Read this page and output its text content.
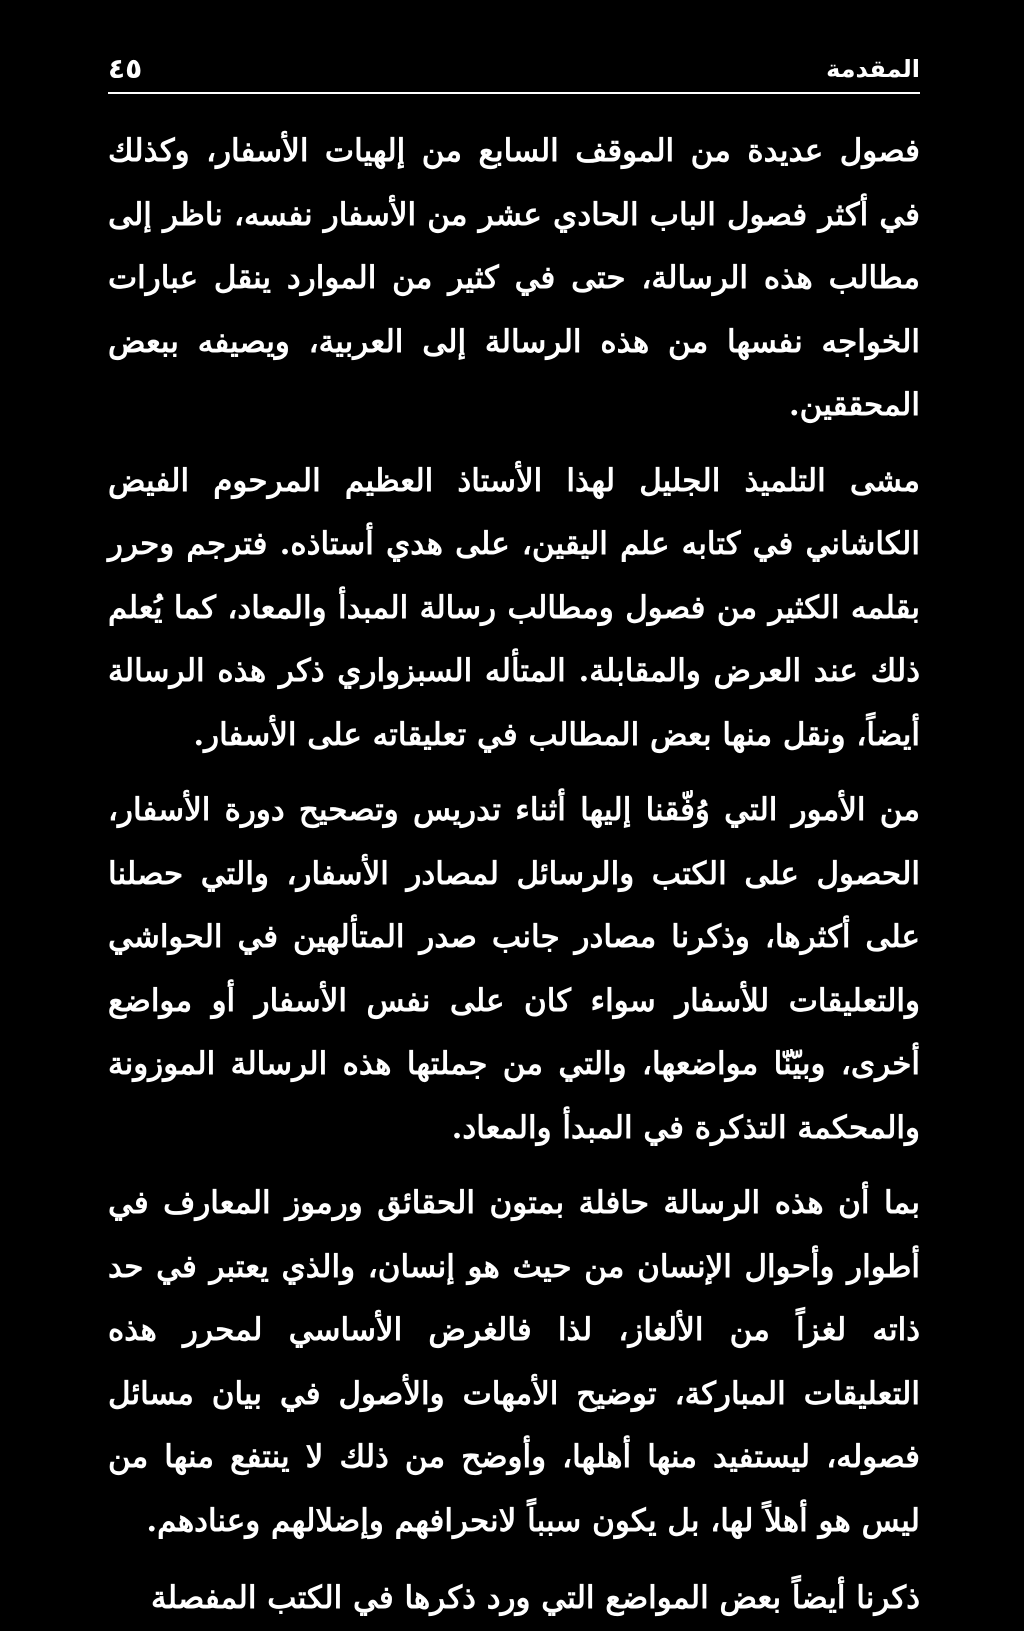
٤٥	المقدمة

فصول عديدة من الموقف السابع من إلهيات الأسفار، وكذلك في أكثر فصول الباب الحادي عشر من الأسفار نفسه، ناظر إلى مطالب هذه الرسالة، حتى في كثير من الموارد ينقل عبارات الخواجه نفسها من هذه الرسالة إلى العربية، ويصيفه ببعض المحققين.

مشى التلميذ الجليل لهذا الأستاذ العظيم المرحوم الفيض الكاشاني في كتابه علم اليقين، على هدي أستاذه. فترجم وحرر بقلمه الكثير من فصول ومطالب رسالة المبدأ والمعاد، كما يُعلم ذلك عند العرض والمقابلة. المتأله السبزواري ذكر هذه الرسالة أيضاً، ونقل منها بعض المطالب في تعليقاته على الأسفار.

من الأمور التي وُفّقنا إليها أثناء تدريس وتصحيح دورة الأسفار، الحصول على الكتب والرسائل لمصادر الأسفار، والتي حصلنا على أكثرها، وذكرنا مصادر جانب صدر المتألهين في الحواشي والتعليقات للأسفار سواء كان على نفس الأسفار أو مواضع أخرى، وبيّنّا مواضعها، والتي من جملتها هذه الرسالة الموزونة والمحكمة التذكرة في المبدأ والمعاد.

بما أن هذه الرسالة حافلة بمتون الحقائق ورموز المعارف في أطوار وأحوال الإنسان من حيث هو إنسان، والذي يعتبر في حد ذاته لغزاً من الألغاز، لذا فالغرض الأساسي لمحرر هذه التعليقات المباركة، توضيح الأمهات والأصول في بيان مسائل فصوله، ليستفيد منها أهلها، وأوضح من ذلك لا ينتفع منها من ليس هو أهلاً لها، بل يكون سبباً لانحرافهم وإضلالهم وعنادهم.

ذكرنا أيضاً بعض المواضع التي ورد ذكرها في الكتب المفصلة
